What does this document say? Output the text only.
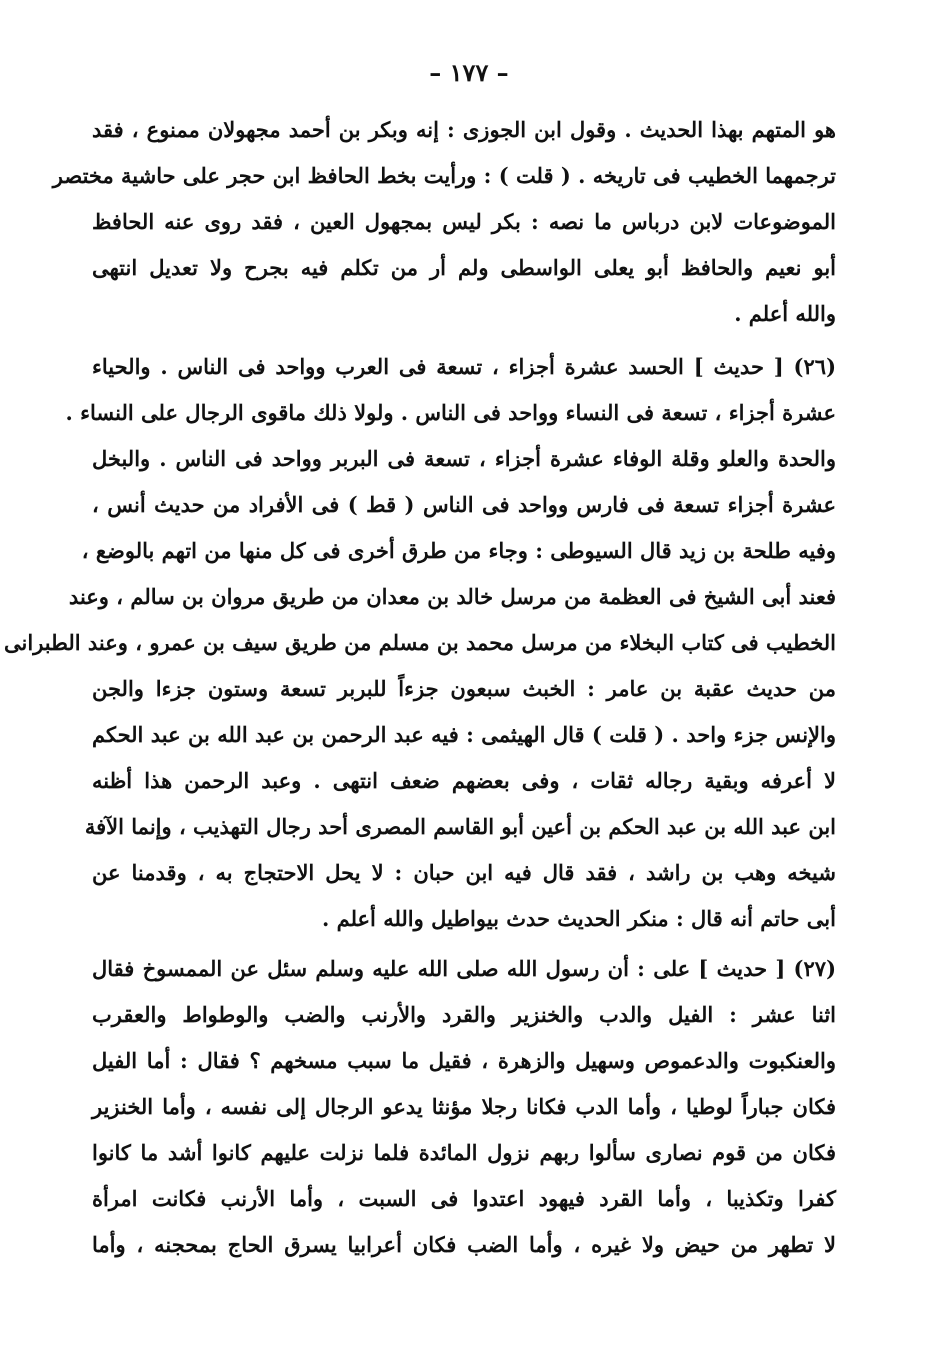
– ١٧٧ –
هو المتهم بهذا الحديث . وقول ابن الجوزى : إنه وبكر بن أحمد مجهولان ممنوع ، فقد
ترجمهما الخطيب فى تاريخه . ( قلت ) : ورأيت بخط الحافظ ابن حجر على حاشية مختصر
الموضوعات لابن درباس ما نصه : بكر ليس بمجهول العين ، فقد روى عنه الحافظ
أبو نعيم والحافظ أبو يعلى الواسطى ولم أر من تكلم فيه بجرح ولا تعديل انتهى
والله أعلم .
(٢٦) [ حديث ] الحسد عشرة أجزاء ، تسعة فى العرب وواحد فى الناس . والحياء
عشرة أجزاء ، تسعة فى النساء وواحد فى الناس . ولولا ذلك ماقوى الرجال على النساء .
والحدة والعلو وقلة الوفاء عشرة أجزاء ، تسعة فى البربر وواحد فى الناس . والبخل
عشرة أجزاء تسعة فى فارس وواحد فى الناس ( قط ) فى الأفراد من حديث أنس ،
وفيه طلحة بن زيد قال السيوطى : وجاء من طرق أخرى فى كل منها من اتهم بالوضع ،
فعند أبى الشيخ فى العظمة من مرسل خالد بن معدان من طريق مروان بن سالم ، وعند
الخطيب فى كتاب البخلاء من مرسل محمد بن مسلم من طريق سيف بن عمرو ، وعند الطبرانى
من حديث عقبة بن عامر : الخبث سبعون جزءاً للبربر تسعة وستون جزءا والجن
والإنس جزء واحد . ( قلت ) قال الهيثمى : فيه عبد الرحمن بن عبد الله بن عبد الحكم
لا أعرفه وبقية رجاله ثقات ، وفى بعضهم ضعف انتهى . وعبد الرحمن هذا أظنه
ابن عبد الله بن عبد الحكم بن أعين أبو القاسم المصرى أحد رجال التهذيب ، وإنما الآفة
شيخه وهب بن راشد ، فقد قال فيه ابن حبان : لا يحل الاحتجاج به ، وقدمنا عن
أبى حاتم أنه قال : منكر الحديث حدث بيواطيل والله أعلم .
(٢٧) [ حديث ] على : أن رسول الله صلى الله عليه وسلم سئل عن الممسوخ فقال
اثنا عشر : الفيل والدب والخنزير والقرد والأرنب والضب والوطواط والعقرب
والعنكبوت والدعموص وسهيل والزهرة ، فقيل ما سبب مسخهم ؟ فقال : أما الفيل
فكان جباراً لوطيا ، وأما الدب فكانا رجلا مؤنثا يدعو الرجال إلى نفسه ، وأما الخنزير
فكان من قوم نصارى سألوا ربهم نزول المائدة فلما نزلت عليهم كانوا أشد ما كانوا
كفرا وتكذيبا ، وأما القرد فيهود اعتدوا فى السبت ، وأما الأرنب فكانت امرأة
لا تطهر من حيض ولا غيره ، وأما الضب فكان أعرابيا يسرق الحاج بمحجنه ، وأما
